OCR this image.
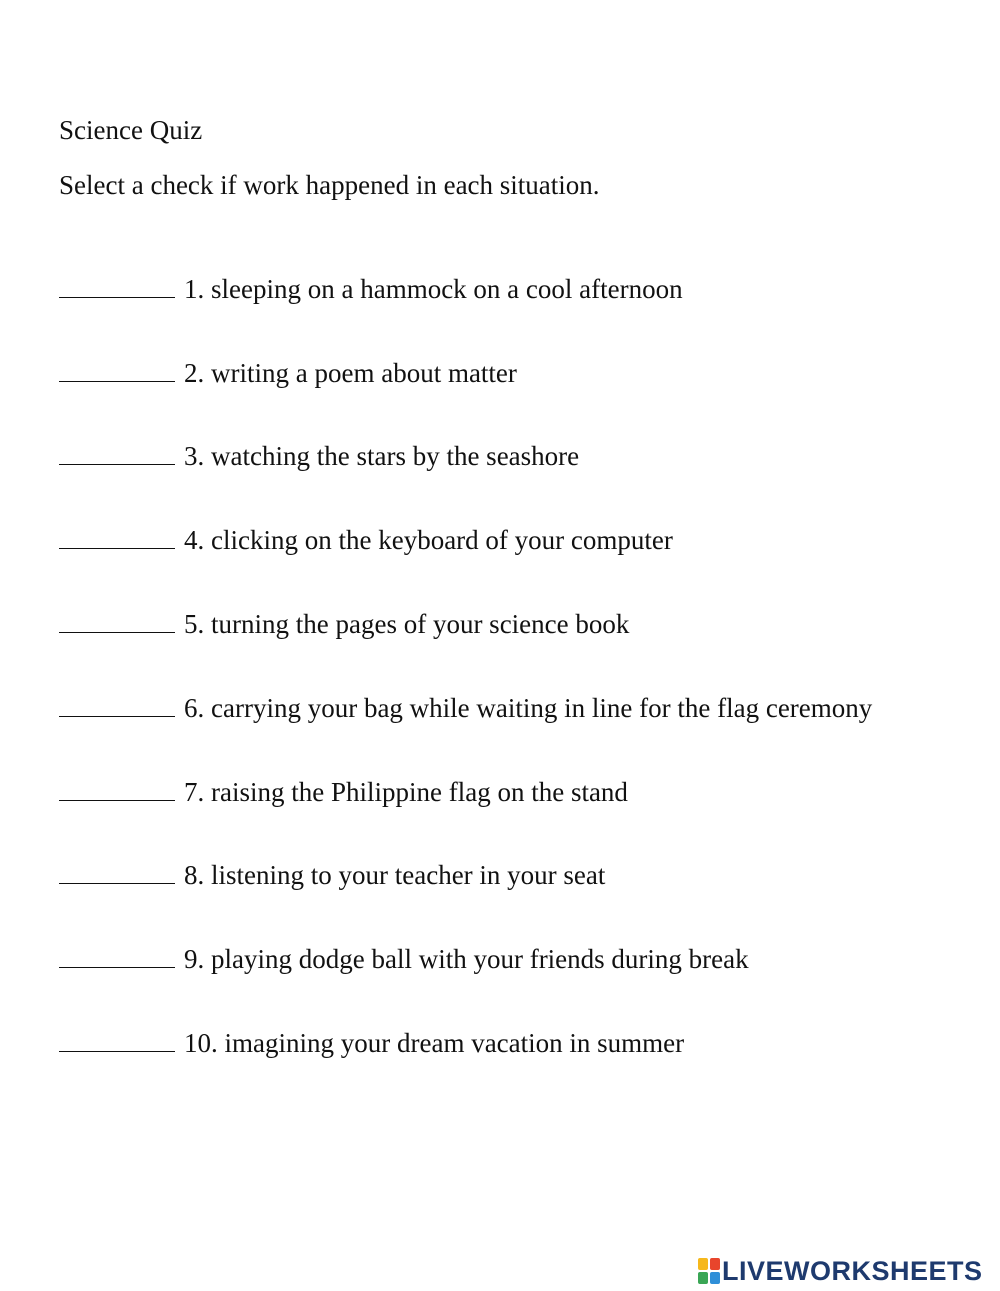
Science Quiz
Select a check if work happened in each situation.
1. sleeping on a hammock on a cool afternoon
2. writing a poem about matter
3. watching the stars by the seashore
4. clicking on the keyboard of your computer
5. turning the pages of your science book
6. carrying your bag while waiting in line for the flag ceremony
7. raising the Philippine flag on the stand
8. listening to your teacher in your seat
9. playing dodge ball with your friends during break
10. imagining your dream vacation in summer
LIVEWORKSHEETS
